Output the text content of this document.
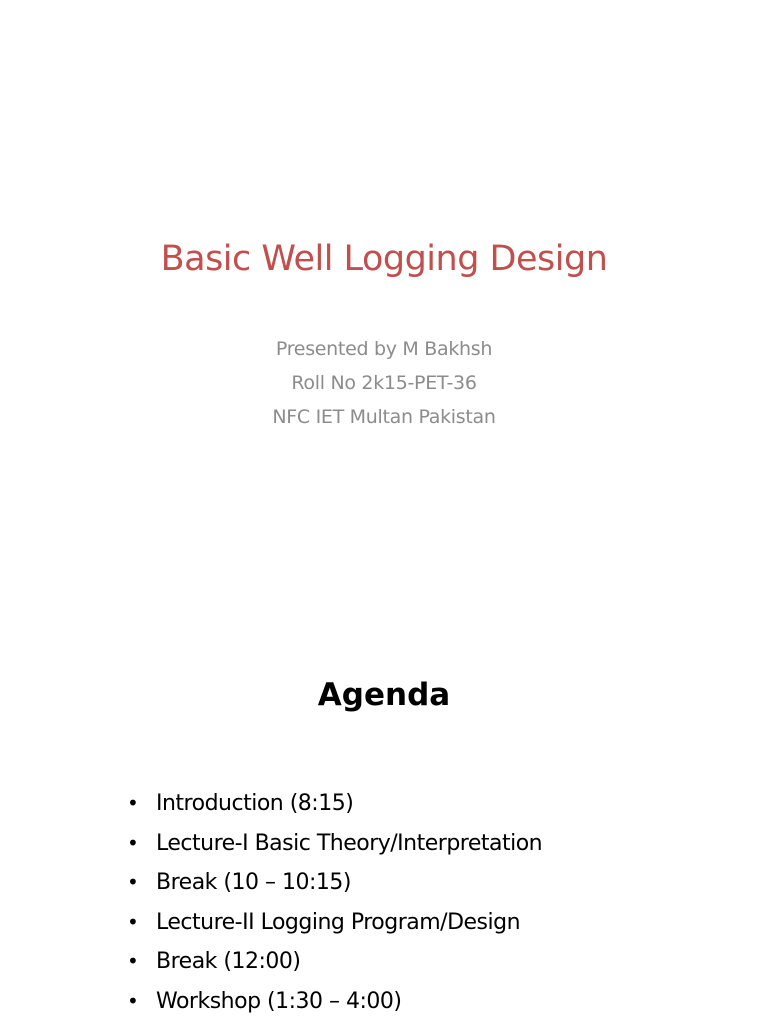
Basic Well Logging Design
Presented by M Bakhsh
Roll No 2k15-PET-36
NFC IET Multan Pakistan
Agenda
• Introduction (8:15)
• Lecture-I Basic Theory/Interpretation
• Break (10 – 10:15)
• Lecture-II Logging Program/Design
• Break (12:00)
• Workshop (1:30 – 4:00)
